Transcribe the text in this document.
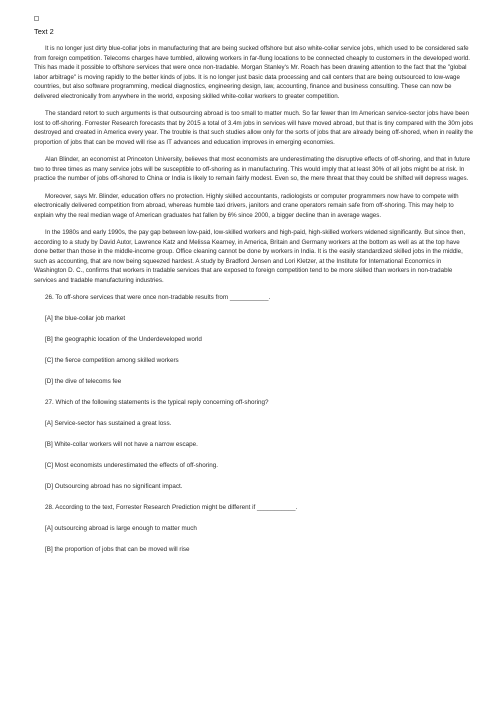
Text 2

It is no longer just dirty blue-collar jobs in manufacturing that are being sucked offshore but also white-collar service jobs, which used to be considered safe from foreign competition. Telecoms charges have tumbled, allowing workers in far-flung locations to be connected cheaply to customers in the developed world. This has made it possible to offshore services that were once non-tradable. Morgan Stanley's Mr. Roach has been drawing attention to the fact that the "global labor arbitrage" is moving rapidly to the better kinds of jobs. It is no longer just basic data processing and call centers that are being outsourced to low-wage countries, but also software programming, medical diagnostics, engineering design, law, accounting, finance and business consulting. These can now be delivered electronically from anywhere in the world, exposing skilled white-collar workers to greater competition.

The standard retort to such arguments is that outsourcing abroad is too small to matter much. So far fewer than lm American service-sector jobs have been lost to off-shoring. Forrester Research forecasts that by 2015 a total of 3.4m jobs in services will have moved abroad, but that is tiny compared with the 30m jobs destroyed and created in America every year. The trouble is that such studies allow only for the sorts of jobs that are already being off-shored, when in reality the proportion of jobs that can be moved will rise as IT advances and education improves in emerging economies.

Alan Blinder, an economist at Princeton University, believes that most economists are underestimating the disruptive effects of off-shoring, and that in future two to three times as many service jobs will be susceptible to off-shoring as in manufacturing. This would imply that at least 30% of all jobs might be at risk. In practice the number of jobs off-shored to China or India is likely to remain fairly modest. Even so, the mere threat that they could be shifted will depress wages.

Moreover, says Mr. Blinder, education offers no protection. Highly skilled accountants, radiologists or computer programmers now have to compete with electronically delivered competition from abroad, whereas humble taxi drivers, janitors and crane operators remain safe from off-shoring. This may help to explain why the real median wage of American graduates hat fallen by 6% since 2000, a bigger decline than in average wages.

In the 1980s and early 1990s, the pay gap between low-paid, low-skilled workers and high-paid, high-skilled workers widened significantly. But since then, according to a study by David Autor, Lawrence Katz and Melissa Kearney, in America, Britain and Germany workers at the bottom as well as at the top have done better than those in the middle-income group. Office cleaning cannot be done by workers in India. It is the easily standardized skilled jobs in the middle, such as accounting, that are now being squeezed hardest. A study by Bradford Jensen and Lori Kletzer, at the Institute for International Economics in Washington D. C., confirms that workers in tradable services that are exposed to foreign competition tend to be more skilled than workers in non-tradable services and tradable manufacturing industries.

26. To off-shore services that were once non-tradable results from ___________.
[A] the blue-collar job market
[B] the geographic location of the Underdeveloped world
[C] the fierce competition among skilled workers
[D] the dive of telecoms fee
27. Which of the following statements is the typical reply concerning off-shoring?
[A] Service-sector has sustained a great loss.
[B] White-collar workers will not have a narrow escape.
[C] Most economists underestimated the effects of off-shoring.
[D] Outsourcing abroad has no significant impact.
28. According to the text, Forrester Research Prediction might be different if ___________.
[A] outsourcing abroad is large enough to matter much
[B] the proportion of jobs that can be moved will rise
